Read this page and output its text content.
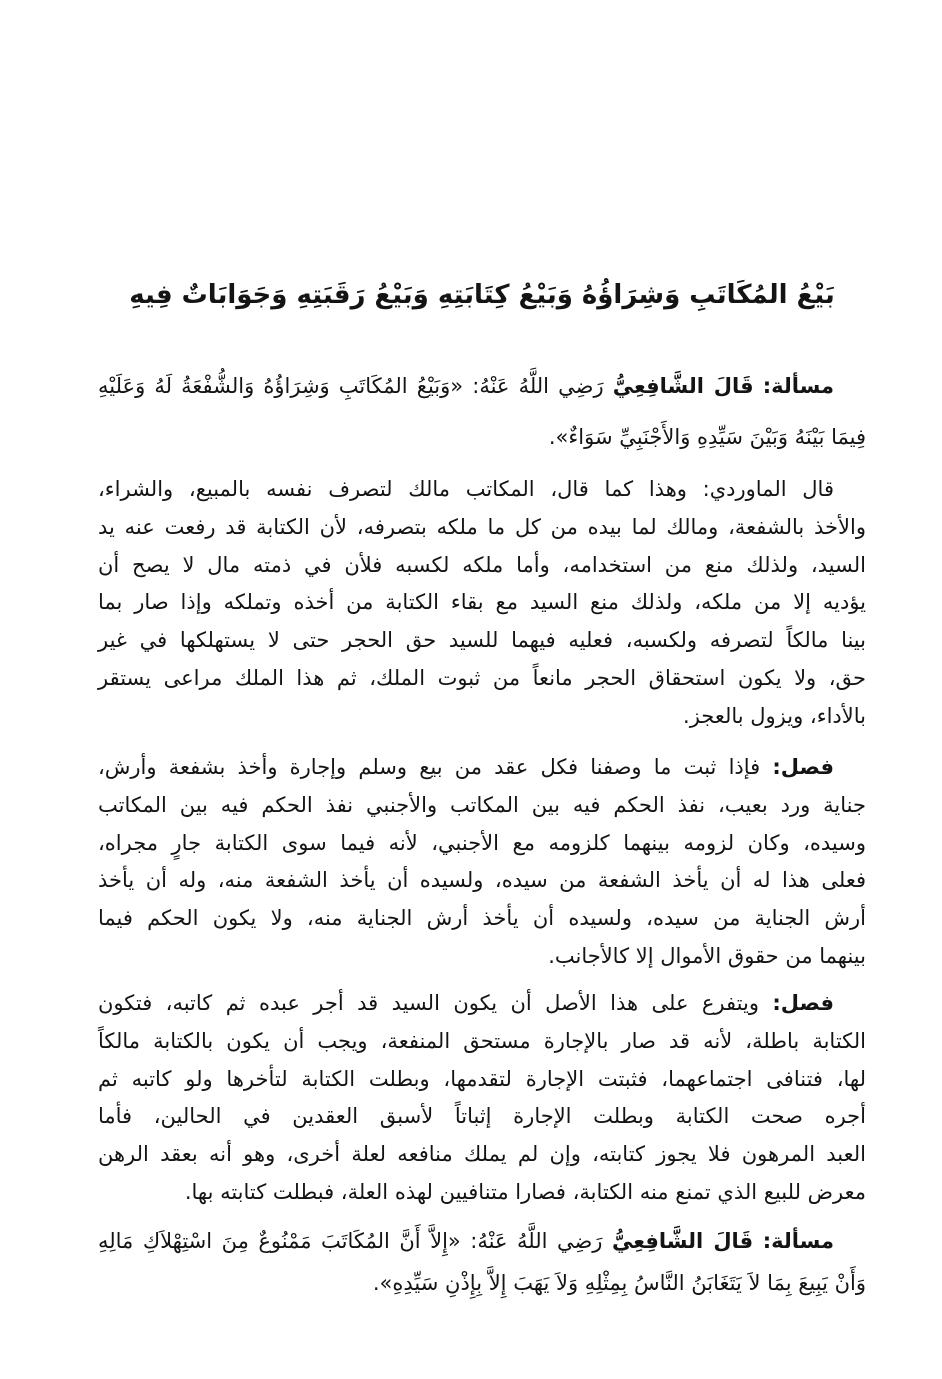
بَيْعُ المُكَاتَبِ وَشِرَاؤُهُ وَبَيْعُ كِتَابَتِهِ وَبَيْعُ رَقَبَتِهِ وَجَوَابَاتٌ فِيهِ
مسألة: قَالَ الشَّافِعِيُّ رَضِي اللَّهُ عَنْهُ: «وَبَيْعُ المُكَاتَبِ وَشِرَاؤُهُ وَالشُّفْعَةُ لَهُ وَعَلَيْهِ
فِيمَا بَيْنَهُ وَبَيْنَ سَيِّدِهِ وَالأَجْنَبِيِّ سَوَاءٌ».
قال الماوردي: وهذا كما قال، المكاتب مالك لتصرف نفسه بالمبيع، والشراء،
والأخذ بالشفعة، ومالك لما بيده من كل ما ملكه بتصرفه، لأن الكتابة قد رفعت عنه يد
السيد، ولذلك منع من استخدامه، وأما ملكه لكسبه فلأن في ذمته مال لا يصح أن
يؤديه إلا من ملكه، ولذلك منع السيد مع بقاء الكتابة من أخذه وتملكه وإذا صار بما
بينا مالكاً لتصرفه ولكسبه، فعليه فيهما للسيد حق الحجر حتى لا يستهلكها في غير
حق، ولا يكون استحقاق الحجر مانعاً من ثبوت الملك، ثم هذا الملك مراعى يستقر
بالأداء، ويزول بالعجز.
فصل: فإذا ثبت ما وصفنا فكل عقد من بيع وسلم وإجارة وأخذ بشفعة وأرش،
جناية ورد بعيب، نفذ الحكم فيه بين المكاتب والأجنبي نفذ الحكم فيه بين المكاتب
وسيده، وكان لزومه بينهما كلزومه مع الأجنبي، لأنه فيما سوى الكتابة جارٍ مجراه،
فعلى هذا له أن يأخذ الشفعة من سيده، ولسيده أن يأخذ الشفعة منه، وله أن يأخذ
أرش الجناية من سيده، ولسيده أن يأخذ أرش الجناية منه، ولا يكون الحكم فيما
بينهما من حقوق الأموال إلا كالأجانب.
فصل: ويتفرع على هذا الأصل أن يكون السيد قد أجر عبده ثم كاتبه، فتكون
الكتابة باطلة، لأنه قد صار بالإجارة مستحق المنفعة، ويجب أن يكون بالكتابة مالكاً
لها، فتنافى اجتماعهما، فثبتت الإجارة لتقدمها، وبطلت الكتابة لتأخرها ولو كاتبه ثم
أجره صحت الكتابة وبطلت الإجارة إثباتاً لأسبق العقدين في الحالين، فأما
العبد المرهون فلا يجوز كتابته، وإن لم يملك منافعه لعلة أخرى، وهو أنه بعقد الرهن
معرض للبيع الذي تمنع منه الكتابة، فصارا متنافيين لهذه العلة، فبطلت كتابته بها.
مسألة: قَالَ الشَّافِعِيُّ رَضِي اللَّهُ عَنْهُ: «إِلاَّ أَنَّ المُكَاتَبَ مَمْنُوعٌ مِنَ اسْتِهْلاَكِ مَالِهِ
وَأَنْ يَبِيعَ بِمَا لاَ يَتَغَابَنُ النَّاسُ بِمِثْلِهِ وَلاَ يَهَبَ إِلاَّ بِإِذْنِ سَيِّدِهِ».
